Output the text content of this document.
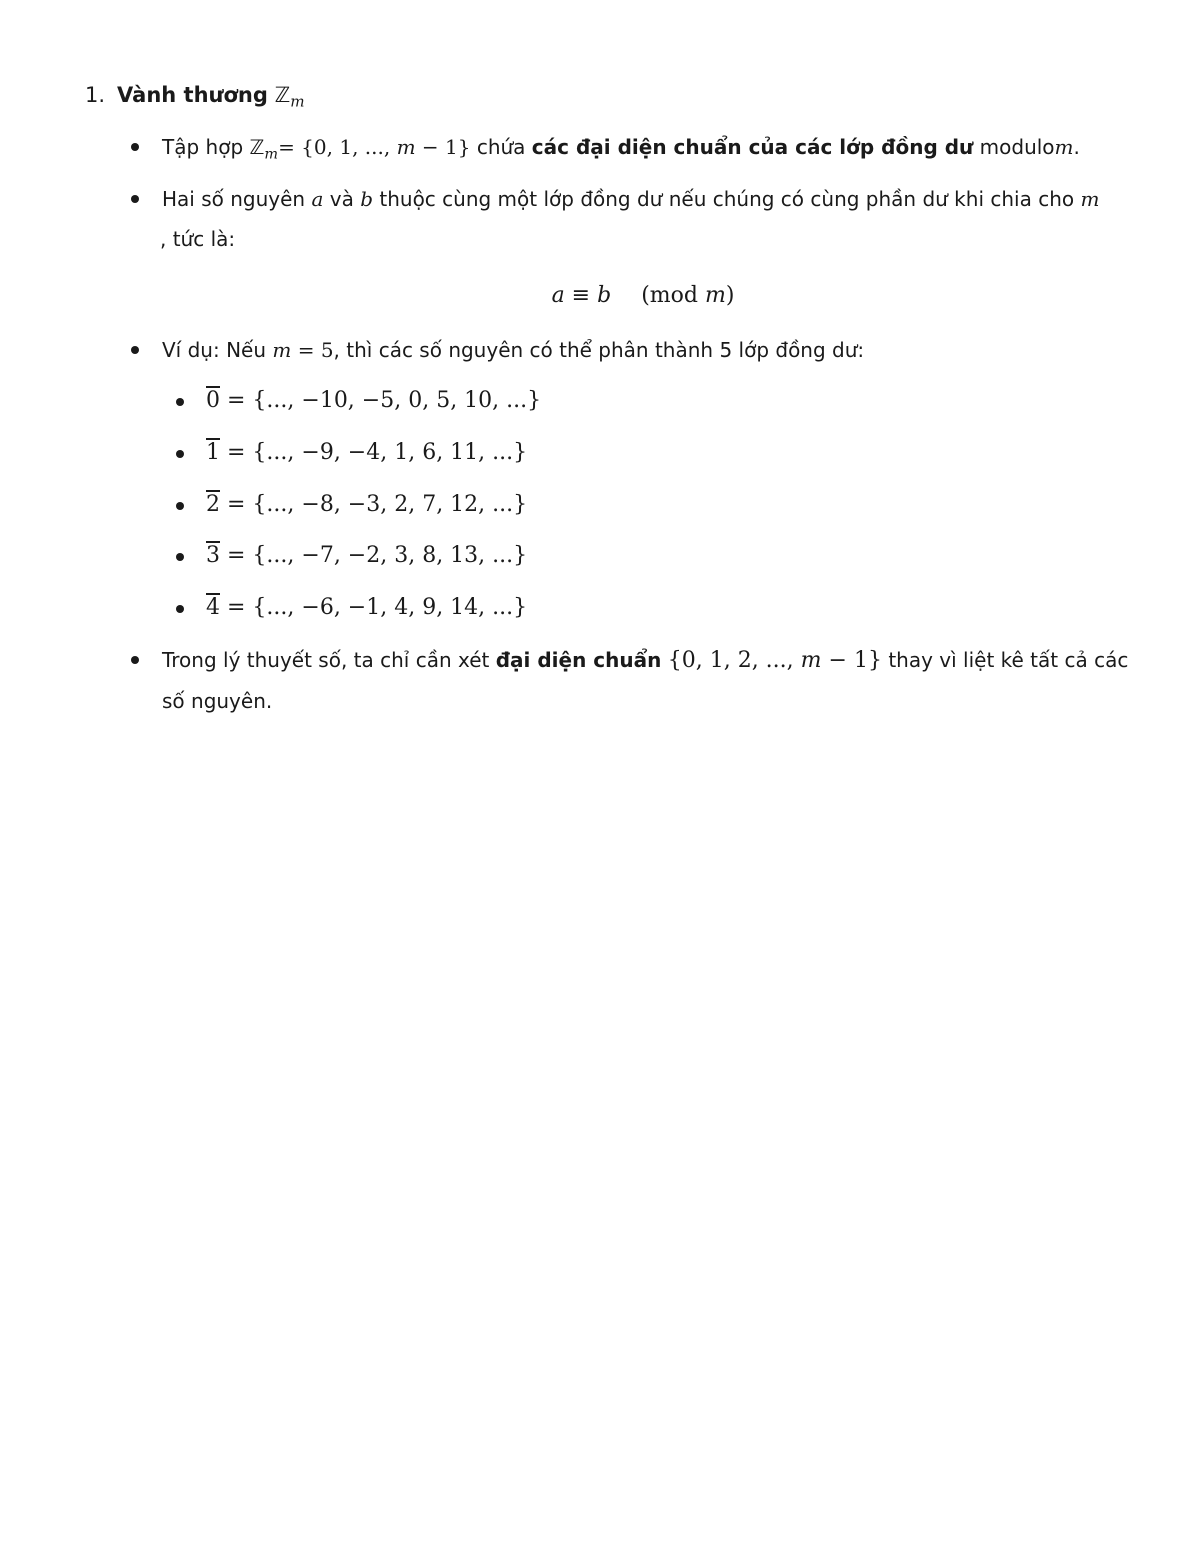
1. Vành thương ℤ$_m$
Tập hợp ℤ$_m$= {0, 1, ..., m − 1} chứa các đại diện chuẩn của các lớp đồng dư modulom.
Hai số nguyên a và b thuộc cùng một lớp đồng dư nếu chúng có cùng phần dư khi chia cho m
, tức là:
a ≡ b (mod m)
Ví dụ: Nếu m = 5, thì các số nguyên có thể phân thành 5 lớp đồng dư:
0 = {..., −10, −5, 0, 5, 10, ...}
1 = {..., −9, −4, 1, 6, 11, ...}
2 = {..., −8, −3, 2, 7, 12, ...}
3 = {..., −7, −2, 3, 8, 13, ...}
4 = {..., −6, −1, 4, 9, 14, ...}
Trong lý thuyết số, ta chỉ cần xét đại diện chuẩn {0, 1, 2, ..., m − 1} thay vì liệt kê tất cả các
số nguyên.
